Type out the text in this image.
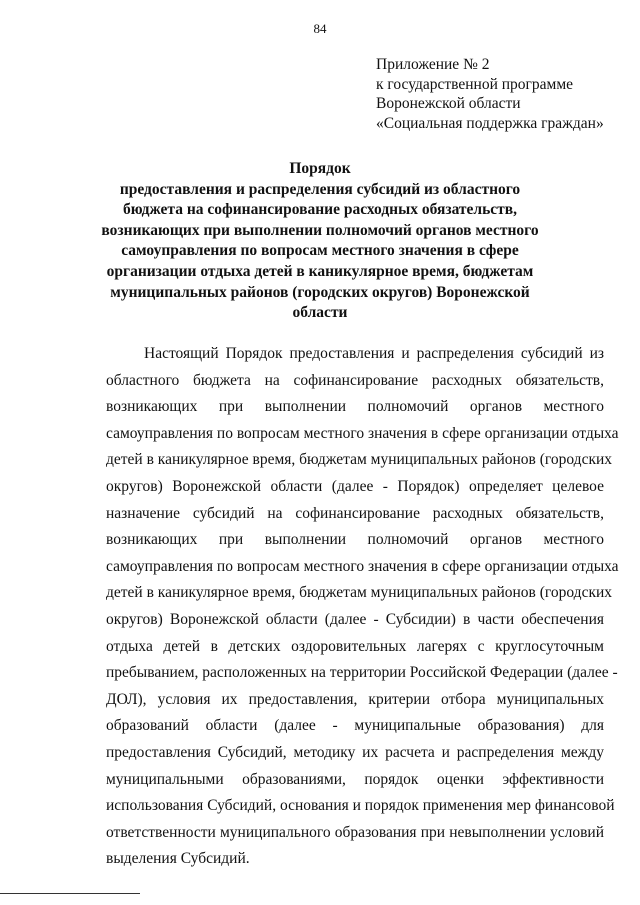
84
Приложение № 2
к государственной программе
Воронежской области
«Социальная поддержка граждан»
Порядок
предоставления и распределения субсидий из областного
бюджета на софинансирование расходных обязательств,
возникающих при выполнении полномочий органов местного
самоуправления по вопросам местного значения в сфере
организации отдыха детей в каникулярное время, бюджетам
муниципальных районов (городских округов) Воронежской
области
Настоящий Порядок предоставления и распределения субсидий из
областного бюджета на софинансирование расходных обязательств,
возникающих при выполнении полномочий органов местного
самоуправления по вопросам местного значения в сфере организации отдыха
детей в каникулярное время, бюджетам муниципальных районов (городских
округов) Воронежской области (далее - Порядок) определяет целевое
назначение субсидий на софинансирование расходных обязательств,
возникающих при выполнении полномочий органов местного
самоуправления по вопросам местного значения в сфере организации отдыха
детей в каникулярное время, бюджетам муниципальных районов (городских
округов) Воронежской области (далее - Субсидии) в части обеспечения
отдыха детей в детских оздоровительных лагерях с круглосуточным
пребыванием, расположенных на территории Российской Федерации (далее -
ДОЛ), условия их предоставления, критерии отбора муниципальных
образований области (далее - муниципальные образования) для
предоставления Субсидий, методику их расчета и распределения между
муниципальными образованиями, порядок оценки эффективности
использования Субсидий, основания и порядок применения мер финансовой
ответственности муниципального образования при невыполнении условий
выделения Субсидий.
